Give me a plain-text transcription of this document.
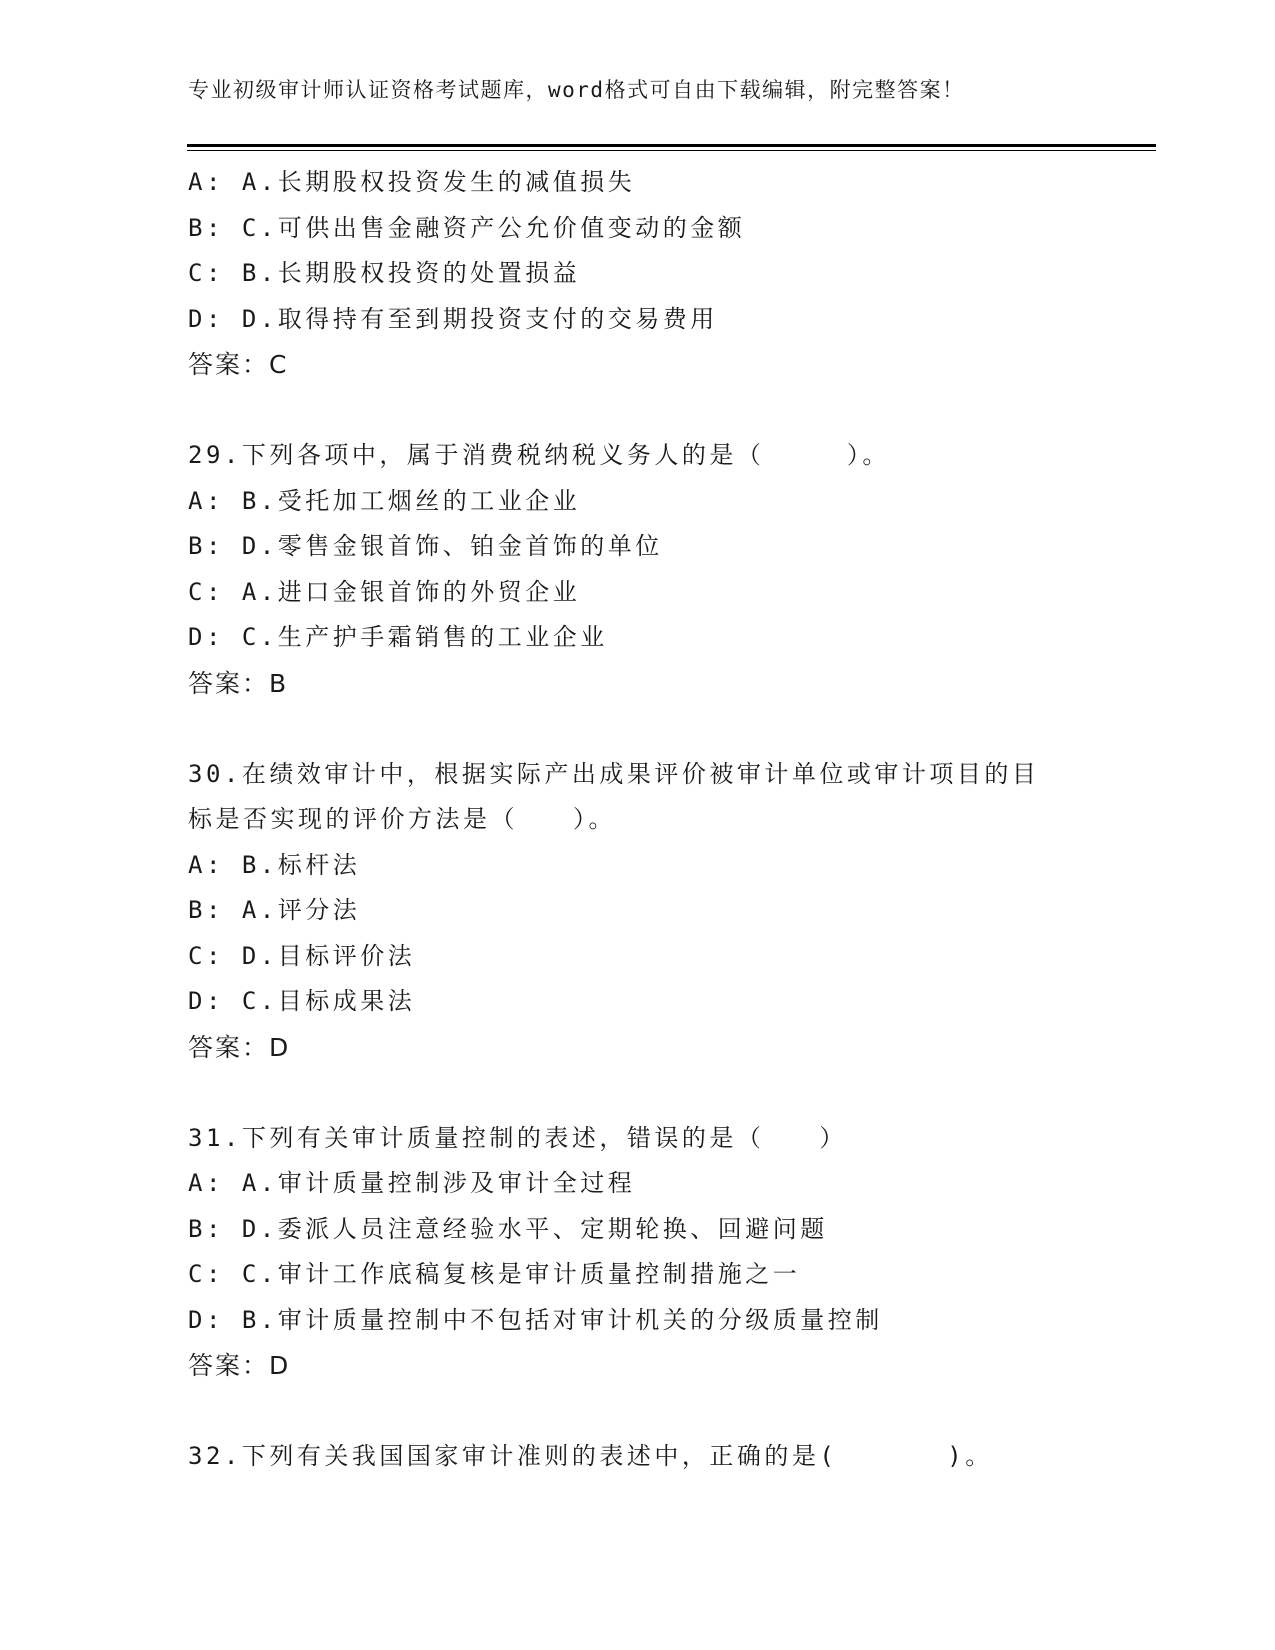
专业初级审计师认证资格考试题库，word格式可自由下载编辑，附完整答案！
A: A.长期股权投资发生的减值损失
B: C.可供出售金融资产公允价值变动的金额
C: B.长期股权投资的处置损益
D: D.取得持有至到期投资支付的交易费用
答案：C
29.下列各项中，属于消费税纳税义务人的是（　　　）。
A: B.受托加工烟丝的工业企业
B: D.零售金银首饰、铂金首饰的单位
C: A.进口金银首饰的外贸企业
D: C.生产护手霜销售的工业企业
答案：B
30.在绩效审计中，根据实际产出成果评价被审计单位或审计项目的目
标是否实现的评价方法是（　　）。
A: B.标杆法
B: A.评分法
C: D.目标评价法
D: C.目标成果法
答案：D
31.下列有关审计质量控制的表述，错误的是（　　）
A: A.审计质量控制涉及审计全过程
B: D.委派人员注意经验水平、定期轮换、回避问题
C: C.审计工作底稿复核是审计质量控制措施之一
D: B.审计质量控制中不包括对审计机关的分级质量控制
答案：D
32.下列有关我国国家审计准则的表述中，正确的是(　　　　)。
